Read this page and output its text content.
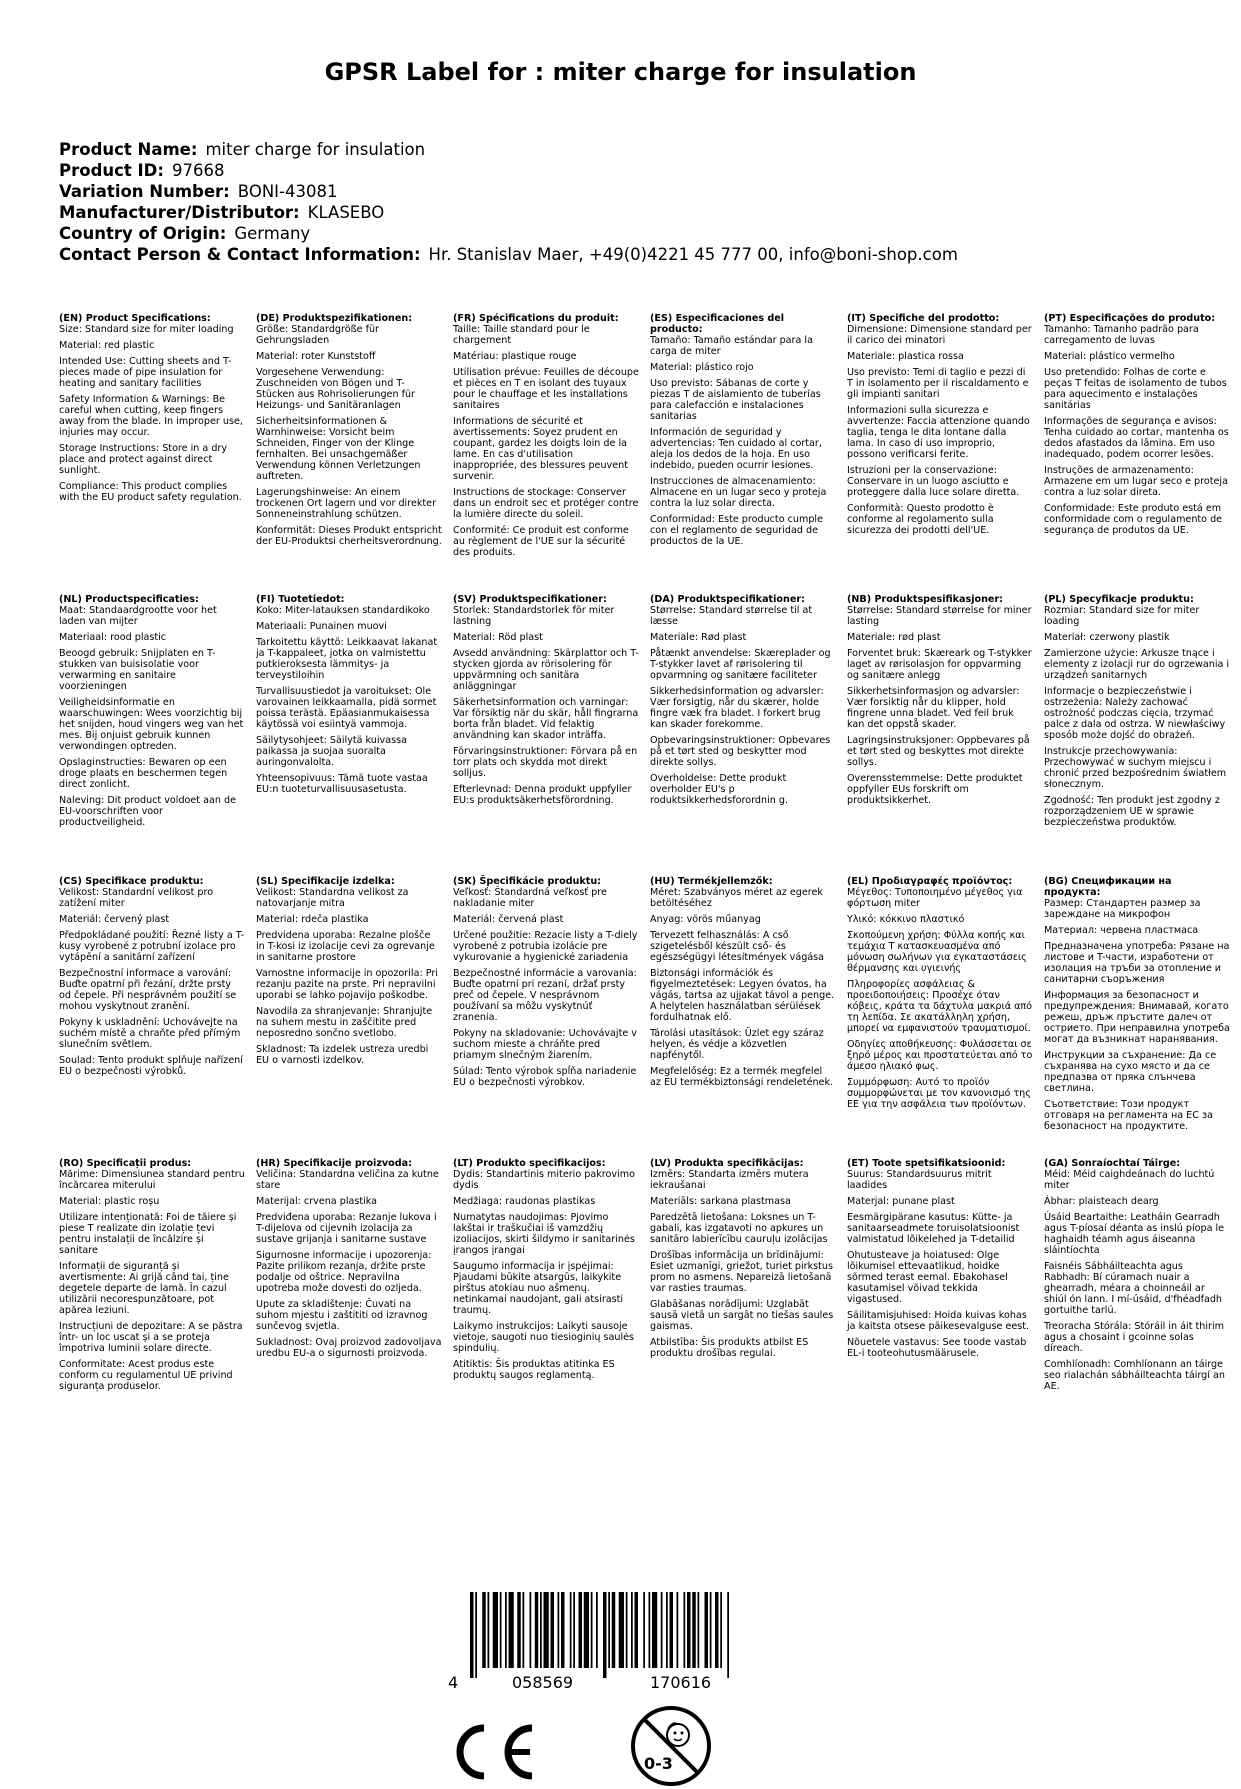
GPSR Label for : miter charge for insulation
Product Name: miter charge for insulation
Product ID: 97668
Variation Number: BONI-43081
Manufacturer/Distributor: KLASEBO
Country of Origin: Germany
Contact Person & Contact Information: Hr. Stanislav Maer, +49(0)4221 45 777 00, info@boni-shop.com
(EN) Product Specifications:
Size: Standard size for miter loading
Material: red plastic
Intended Use: Cutting sheets and T-pieces made of pipe insulation for heating and sanitary facilities
Safety Information & Warnings: Be careful when cutting, keep fingers away from the blade. In improper use, injuries may occur.
Storage Instructions: Store in a dry place and protect against direct sunlight.
Compliance: This product complies with the EU product safety regulation.
(DE) Produktspezifikationen:
Größe: Standardgröße für Gehrungsladen
Material: roter Kunststoff
Vorgesehene Verwendung: Zuschneiden von Bögen und T-Stücken aus Rohrisolierungen für Heizungs- und Sanitäranlagen
Sicherheitsinformationen & Warnhinweise: Vorsicht beim Schneiden, Finger von der Klinge fernhalten. Bei unsachgemäßer Verwendung können Verletzungen auftreten.
Lagerungshinweise: An einem trockenen Ort lagern und vor direkter Sonneneinstrahlung schützen.
Konformität: Dieses Produkt entspricht der EU-Produktsi cherheitsverordnung.
(FR) Spécifications du produit:
Taille: Taille standard pour le chargement
Matériau: plastique rouge
Utilisation prévue: Feuilles de découpe et pièces en T en isolant des tuyaux pour le chauffage et les installations sanitaires
Informations de sécurité et avertissements: Soyez prudent en coupant, gardez les doigts loin de la lame. En cas d'utilisation inappropriée, des blessures peuvent survenir.
Instructions de stockage: Conserver dans un endroit sec et protéger contre la lumière directe du soleil.
Conformité: Ce produit est conforme au règlement de l'UE sur la sécurité des produits.
(ES) Especificaciones del producto:
Tamaño: Tamaño estándar para la carga de miter
Material: plástico rojo
Uso previsto: Sábanas de corte y piezas T de aislamiento de tuberías para calefacción e instalaciones sanitarias
Información de seguridad y advertencias: Ten cuidado al cortar, aleja los dedos de la hoja. En uso indebido, pueden ocurrir lesiones.
Instrucciones de almacenamiento: Almacene en un lugar seco y proteja contra la luz solar directa.
Conformidad: Este producto cumple con el reglamento de seguridad de productos de la UE.
(IT) Specifiche del prodotto:
Dimensione: Dimensione standard per il carico dei minatori
Materiale: plastica rossa
Uso previsto: Temi di taglio e pezzi di T in isolamento per il riscaldamento e gli impianti sanitari
Informazioni sulla sicurezza e avvertenze: Faccia attenzione quando taglia, tenga le dita lontane dalla lama. In caso di uso improprio, possono verificarsi ferite.
Istruzioni per la conservazione: Conservare in un luogo asciutto e proteggere dalla luce solare diretta.
Conformità: Questo prodotto è conforme al regolamento sulla sicurezza dei prodotti dell'UE.
(PT) Especificações do produto:
Tamanho: Tamanho padrão para carregamento de luvas
Material: plástico vermelho
Uso pretendido: Folhas de corte e peças T feitas de isolamento de tubos para aquecimento e instalações sanitárias
Informações de segurança e avisos: Tenha cuidado ao cortar, mantenha os dedos afastados da lâmina. Em uso inadequado, podem ocorrer lesões.
Instruções de armazenamento: Armazene em um lugar seco e proteja contra a luz solar direta.
Conformidade: Este produto está em conformidade com o regulamento de segurança de produtos da UE.
(NL) Productspecificaties:
Maat: Standaardgrootte voor het laden van mijter
Materiaal: rood plastic
Beoogd gebruik: Snijplaten en T-stukken van buisisolatie voor verwarming en sanitaire voorzieningen
Veiligheidsinformatie en waarschuwingen: Wees voorzichtig bij het snijden, houd vingers weg van het mes. Bij onjuist gebruik kunnen verwondingen optreden.
Opslaginstructies: Bewaren op een droge plaats en beschermen tegen direct zonlicht.
Naleving: Dit product voldoet aan de EU-voorschriften voor productveiligheid.
(FI) Tuotetiedot:
Koko: Miter-latauksen standardikoko
Materiaali: Punainen muovi
Tarkoitettu käyttö: Leikkaavat lakanat ja T-kappaleet, jotka on valmistettu putkieroksesta lämmitys- ja terveystiloihin
Turvallisuustiedot ja varoitukset: Ole varovainen leikkaamalla, pidä sormet poissa terästä. Epäasianmukaisessa käytössä voi esiintyä vammoja.
Säilytysohjeet: Säilytä kuivassa paikassa ja suojaa suoralta auringonvalolta.
Yhteensopivuus: Tämä tuote vastaa EU:n tuoteturvallisuusasetusta.
(SV) Produktspecifikationer:
Storlek: Standardstorlek för miter lastning
Material: Röd plast
Avsedd användning: Skärplattor och T-stycken gjorda av rörisolering för uppvärmning och sanitära anläggningar
Säkerhetsinformation och varningar: Var försiktig när du skär, håll fingrarna borta från bladet. Vid felaktig användning kan skador inträffa.
Förvaringsinstruktioner: Förvara på en torr plats och skydda mot direkt solljus.
Efterlevnad: Denna produkt uppfyller EU:s produktsäkerhetsförordning.
(DA) Produktspecifikationer:
Størrelse: Standard størrelse til at læsse
Materiale: Rød plast
Påtænkt anvendelse: Skæreplader og T-stykker lavet af rørisolering til opvarmning og sanitære faciliteter
Sikkerhedsinformation og advarsler: Vær forsigtig, når du skærer, holde fingre væk fra bladet. I forkert brug kan skader forekomme.
Opbevaringsinstruktioner: Opbevares på et tørt sted og beskytter mod direkte sollys.
Overholdelse: Dette produkt overholder EU's p roduktsikkerhedsforordnin g.
(NB) Produktspesifikasjoner:
Størrelse: Standard størrelse for miner lasting
Materiale: rød plast
Forventet bruk: Skæreark og T-stykker laget av rørisolasjon for oppvarming og sanitære anlegg
Sikkerhetsinformasjon og advarsler: Vær forsiktig når du klipper, hold fingrene unna bladet. Ved feil bruk kan det oppstå skader.
Lagringsinstruksjoner: Oppbevares på et tørt sted og beskyttes mot direkte sollys.
Overensstemmelse: Dette produktet oppfyller EUs forskrift om produktsikkerhet.
(PL) Specyfikacje produktu:
Rozmiar: Standard size for miter loading
Materiał: czerwony plastik
Zamierzone użycie: Arkusze tnące i elementy z izolacji rur do ogrzewania i urządzeń sanitarnych
Informacje o bezpieczeństwie i ostrzeżenia: Należy zachować ostrożność podczas cięcia, trzymać palce z dala od ostrza. W niewłaściwy sposób może dojść do obrażeń.
Instrukcje przechowywania: Przechowywać w suchym miejscu i chronić przed bezpośrednim światłem słonecznym.
Zgodność: Ten produkt jest zgodny z rozporządzeniem UE w sprawie bezpieczeństwa produktów.
(CS) Specifikace produktu:
Velikost: Standardní velikost pro zatížení miter
Materiál: červený plast
Předpokládané použití: Řezné listy a T-kusy vyrobené z potrubní izolace pro vytápění a sanitární zařízení
Bezpečnostní informace a varování: Buďte opatrní při řezání, držte prsty od čepele. Při nesprávném použití se mohou vyskytnout zranění.
Pokyny k uskladnění: Uchovávejte na suchém místě a chraňte před přímým slunečním světlem.
Soulad: Tento produkt splňuje nařízení EU o bezpečnosti výrobků.
(SL) Specifikacije izdelka:
Velikost: Standardna velikost za natovarjanje mitra
Material: rdeča plastika
Predvidena uporaba: Rezalne plošče in T-kosi iz izolacije cevi za ogrevanje in sanitarne prostore
Varnostne informacije in opozorila: Pri rezanju pazite na prste. Pri nepravilni uporabi se lahko pojavijo poškodbe.
Navodila za shranjevanje: Shranjujte na suhem mestu in zaščitite pred neposredno sončno svetlobo.
Skladnost: Ta izdelek ustreza uredbi EU o varnosti izdelkov.
(SK) Špecifikácie produktu:
Veľkosť: Štandardná veľkosť pre nakladanie miter
Materiál: červená plast
Určené použitie: Rezacie listy a T-diely vyrobené z potrubia izolácie pre vykurovanie a hygienické zariadenia
Bezpečnostné informácie a varovania: Buďte opatrní pri rezaní, držať prsty preč od čepele. V nesprávnom používaní sa môžu vyskytnúť zranenia.
Pokyny na skladovanie: Uchovávajte v suchom mieste a chráňte pred priamym slnečným žiarením.
Súlad: Tento výrobok spĺňa nariadenie EU o bezpečnosti výrobkov.
(HU) Termékjellemzők:
Méret: Szabványos méret az egerek betöltéséhez
Anyag: vörös műanyag
Tervezett felhasználás: A cső szigetelésből készült cső- és egészségügyi létesítmények vágása
Biztonsági információk és figyelmeztetések: Legyen óvatos, ha vágás, tartsa az ujjakat távol a penge. A helytelen használatban sérülések fordulhatnak elő.
Tárolási utasítások: Üzlet egy száraz helyen, és védje a közvetlen napfénytől.
Megfelelőség: Ez a termék megfelel az EU termékbiztonsági rendeletének.
(EL) Προδιαγραφές προϊόντος:
Μέγεθος: Τυποποιημένο μέγεθος για φόρτωση miter
Υλικό: κόκκινο πλαστικό
Σκοπούμενη χρήση: Φύλλα κοπής και τεμάχια T κατασκευασμένα από μόνωση σωλήνων για εγκαταστάσεις θέρμανσης και υγιεινής
Πληροφορίες ασφάλειας & προειδοποιήσεις: Προσέχε όταν κόβεις, κράτα τα δάχτυλα μακριά από τη λεπίδα. Σε ακατάλληλη χρήση, μπορεί να εμφανιστούν τραυματισμοί.
Οδηγίες αποθήκευσης: Φυλάσσεται σε ξηρό μέρος και προστατεύεται από το άμεσο ηλιακό φως.
Συμμόρφωση: Αυτό το προϊόν συμμορφώνεται με τον κανονισμό της ΕΕ για την ασφάλεια των προϊόντων.
(BG) Спецификации на продукта:
Размер: Стандартен размер за зареждане на микрофон
Материал: червена пластмаса
Предназначена употреба: Рязане на листове и T-части, изработени от изолация на тръби за отопление и санитарни съоръжения
Информация за безопасност и предупреждения: Внимавай, когато режеш, дръж пръстите далеч от острието. При неправилна употреба могат да възникнат наранявания.
Инструкции за съхранение: Да се съхранява на сухо място и да се предпазва от пряка слънчева светлина.
Съответствие: Този продукт отговаря на регламента на ЕС за безопасност на продуктите.
(RO) Specificații produs:
Mărime: Dimensiunea standard pentru încărcarea miterului
Material: plastic roșu
Utilizare intenționată: Foi de tăiere și piese T realizate din izolație țevi pentru instalații de încălzire și sanitare
Informații de siguranță și avertismente: Ai grijă când tai, ține degetele departe de lamă. În cazul utilizării necorespunzătoare, pot apărea leziuni.
Instrucțiuni de depozitare: A se păstra într- un loc uscat și a se proteja împotriva luminii solare directe.
Conformitate: Acest produs este conform cu regulamentul UE privind siguranța produselor.
(HR) Specifikacije proizvoda:
Veličina: Standardna veličina za kutne stare
Materijal: crvena plastika
Predviđena uporaba: Rezanje lukova i T-dijelova od cijevnih izolacija za sustave grijanja i sanitarne sustave
Sigurnosne informacije i upozorenja: Pazite prilikom rezanja, držite prste podalje od oštrice. Nepravilna upotreba može dovesti do ozljeda.
Upute za skladištenje: Čuvati na suhom mjestu i zaštititi od izravnog sunčevog svjetla.
Sukladnost: Ovaj proizvod zadovoljava uredbu EU-a o sigurnosti proizvoda.
(LT) Produkto specifikacijos:
Dydis: Standartinis miterio pakrovimo dydis
Medžiaga: raudonas plastikas
Numatytas naudojimas: Pjovimo lakštai ir traškučiai iš vamzdžių izoliacijos, skirti šildymo ir sanitarinės įrangos įrangai
Saugumo informacija ir įspėjimai: Pjaudami būkite atsargūs, laikykite pirštus atokiau nuo ašmenų. netinkamai naudojant, gali atsirasti traumų.
Laikymo instrukcijos: Laikyti sausoje vietoje, saugoti nuo tiesioginių saulės spindulių.
Atitiktis: Šis produktas atitinka ES produktų saugos reglamentą.
(LV) Produkta specifikācijas:
Izmērs: Standarta izmērs mutera iekraušanai
Materiāls: sarkana plastmasa
Paredzētā lietošana: Loksnes un T-gabali, kas izgatavoti no apkures un sanitāro labierīcību cauruļu izolācijas
Drošības informācija un brīdinājumi: Esiet uzmanīgi, griežot, turiet pirkstus prom no asmens. Nepareizā lietošanā var rasties traumas.
Glabāšanas norādījumi: Uzglabāt sausā vietā un sargāt no tiešas saules gaismas.
Atbilstība: Šis produkts atbilst ES produktu drošības regulai.
(ET) Toote spetsifikatsioonid:
Suurus: Standardsuurus mitrit laadides
Materjal: punane plast
Eesmärgipärane kasutus: Kütte- ja sanitaarseadmete toruisolatsioonist valmistatud lõikelehed ja T-detailid
Ohutusteave ja hoiatused: Olge lõikumisel ettevaatlikud, hoidke sõrmed terast eemal. Ebakohasel kasutamisel võivad tekkida vigastused.
Säilitamisjuhised: Hoida kuivas kohas ja kaitsta otsese päikesevalguse eest.
Nõuetele vastavus: See toode vastab EL-i tooteohutusmäärusele.
(GA) Sonraíochtaí Táirge:
Méid: Méid caighdeánach do luchtú miter
Ábhar: plaisteach dearg
Úsáid Beartaithe: Leatháin Gearradh agus T-píosaí déanta as inslú píopa le haghaidh téamh agus áiseanna sláintíochta
Faisnéis Sábháilteachta agus Rabhadh: Bí cúramach nuair a ghearradh, méara a choinneáil ar shiúl ón lann. I mí-úsáid, d'fhéadfadh gortuithe tarlú.
Treoracha Stórála: Stóráil in áit thirim agus a chosaint i gcoinne solas díreach.
Comhlíonadh: Comhlíonann an táirge seo rialachán sábháilteachta táirgí an AE.
4	058569	170616
0-3
